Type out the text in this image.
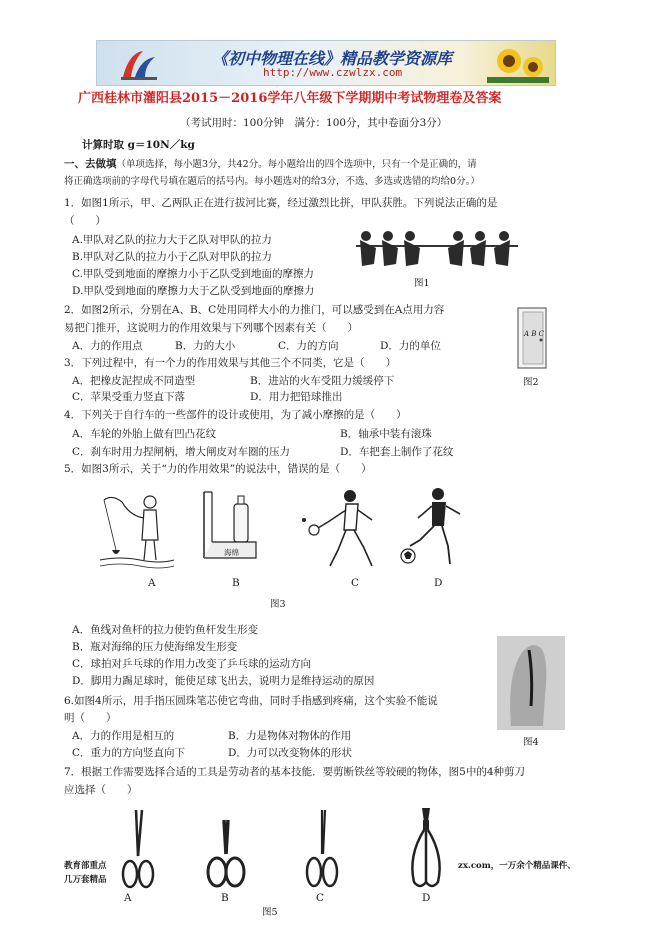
《初中物理在线》精品教学资源库
http://www.czwlzx.com
广西桂林市灌阳县2015－2016学年八年级下学期期中考试物理卷及答案
（考试用时：100分钟　满分：100分，其中卷面分3分）
计算时取 g＝10N／kg
一、去做填（单项选择，每小题3分，共42分。每小题给出的四个选项中，只有一个是正确的，请
将正确选项前的字母代号填在题后的括号内。每小题选对的给3分，不选、多选或选错的均给0分。）
1．如图1所示，甲、乙两队正在进行拔河比赛，经过激烈比拼，甲队获胜。下列说法正确的是
（　　）
A.甲队对乙队的拉力大于乙队对甲队的拉力
B.甲队对乙队的拉力小于乙队对甲队的拉力
C.甲队受到地面的摩擦力小于乙队受到地面的摩擦力
D.甲队受到地面的摩擦力大于乙队受到地面的摩擦力
图1
2．如图2所示，分别在A、B、C处用同样大小的力推门，可以感受到在A点用力容
易把门推开，这说明力的作用效果与下列哪个因素有关（　　）
A．力的作用点	B．力的大小	C．力的方向	D．力的单位
A B C
图2
3．下列过程中，有一个力的作用效果与其他三个不同类，它是（　　）
A．把橡皮泥捏成不同造型	B．进站的火车受阻力缓缓停下
C．苹果受重力竖直下落	D．用力把铅球推出
4．下列关于自行车的一些部件的设计或使用，为了减小摩擦的是（　　）
A．车轮的外胎上做有凹凸花纹	B．轴承中装有滚珠
C．刹车时用力捏闸柄，增大闸皮对车圈的压力	D．车把套上制作了花纹
5．如图3所示，关于“力的作用效果”的说法中，错误的是（　　）
海绵
A	B	C	D
图3
A．鱼线对鱼杆的拉力使钓鱼杆发生形变
B．瓶对海绵的压力使海绵发生形变
C．球拍对乒乓球的作用力改变了乒乓球的运动方向
D．脚用力踢足球时，能使足球飞出去，说明力是维持运动的原因
图4
6.如图4所示，用手指压圆珠笔芯使它弯曲，同时手指感到疼痛，这个实验不能说
明（　　）
A．力的作用是相互的	B．力是物体对物体的作用
C．重力的方向竖直向下	D．力可以改变物体的形状
7．根据工作需要选择合适的工具是劳动者的基本技能．要剪断铁丝等较硬的物体，图5中的4种剪刀
应选择（　　）
A	B	C	D
图5
教育部重点
几万套精品
zx.com，一万余个精品课件、
